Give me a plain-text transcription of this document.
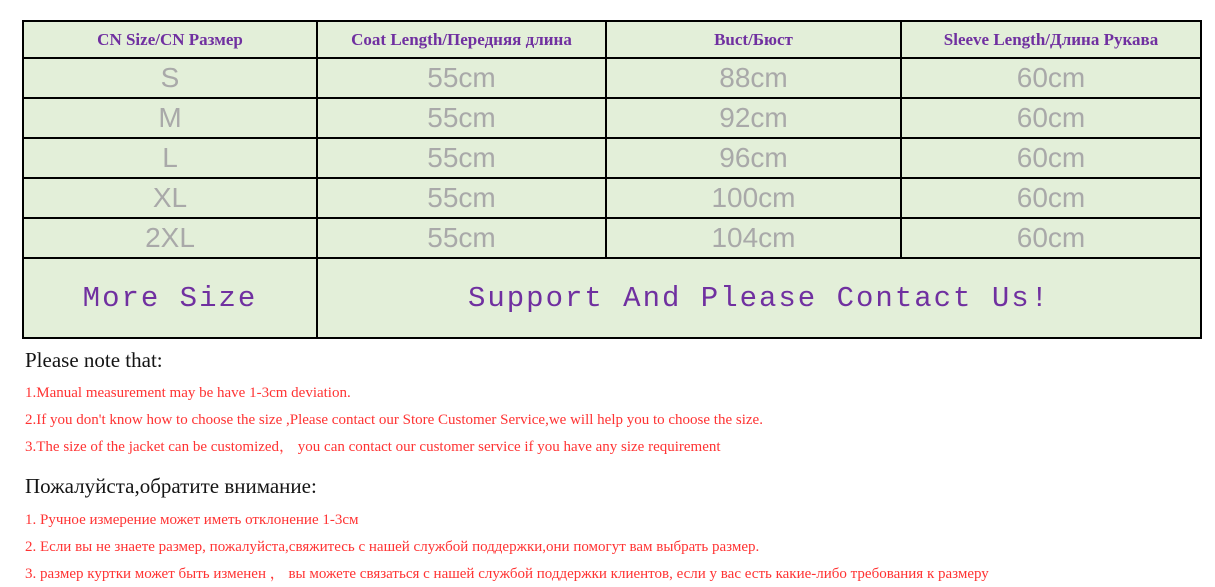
CN Size/CN Размер	Coat Length/Передняя длина	Buct/Бюст	Sleeve Length/Длина Рукава
S	55cm	88cm	60cm
M	55cm	92cm	60cm
L	55cm	96cm	60cm
XL	55cm	100cm	60cm
2XL	55cm	104cm	60cm
More Size	Support And Please Contact Us!		
Please note that:
1.Manual measurement may be have 1-3cm deviation.
2.If you don't know how to choose the size ,Please contact our Store Customer Service,we will help you to choose the size.
3.The size of the jacket can be customized， you can contact our customer service if you have any size requirement
Пожалуйста,обратите внимание:
1. Ручное измерение может иметь отклонение 1-3см
2. Если вы не знаете размер, пожалуйста,свяжитесь с нашей службой поддержки,они помогут вам выбрать размер.
3. размер куртки может быть изменен ， вы можете связаться с нашей службой поддержки клиентов, если у вас есть какие-либо требования к размеру
